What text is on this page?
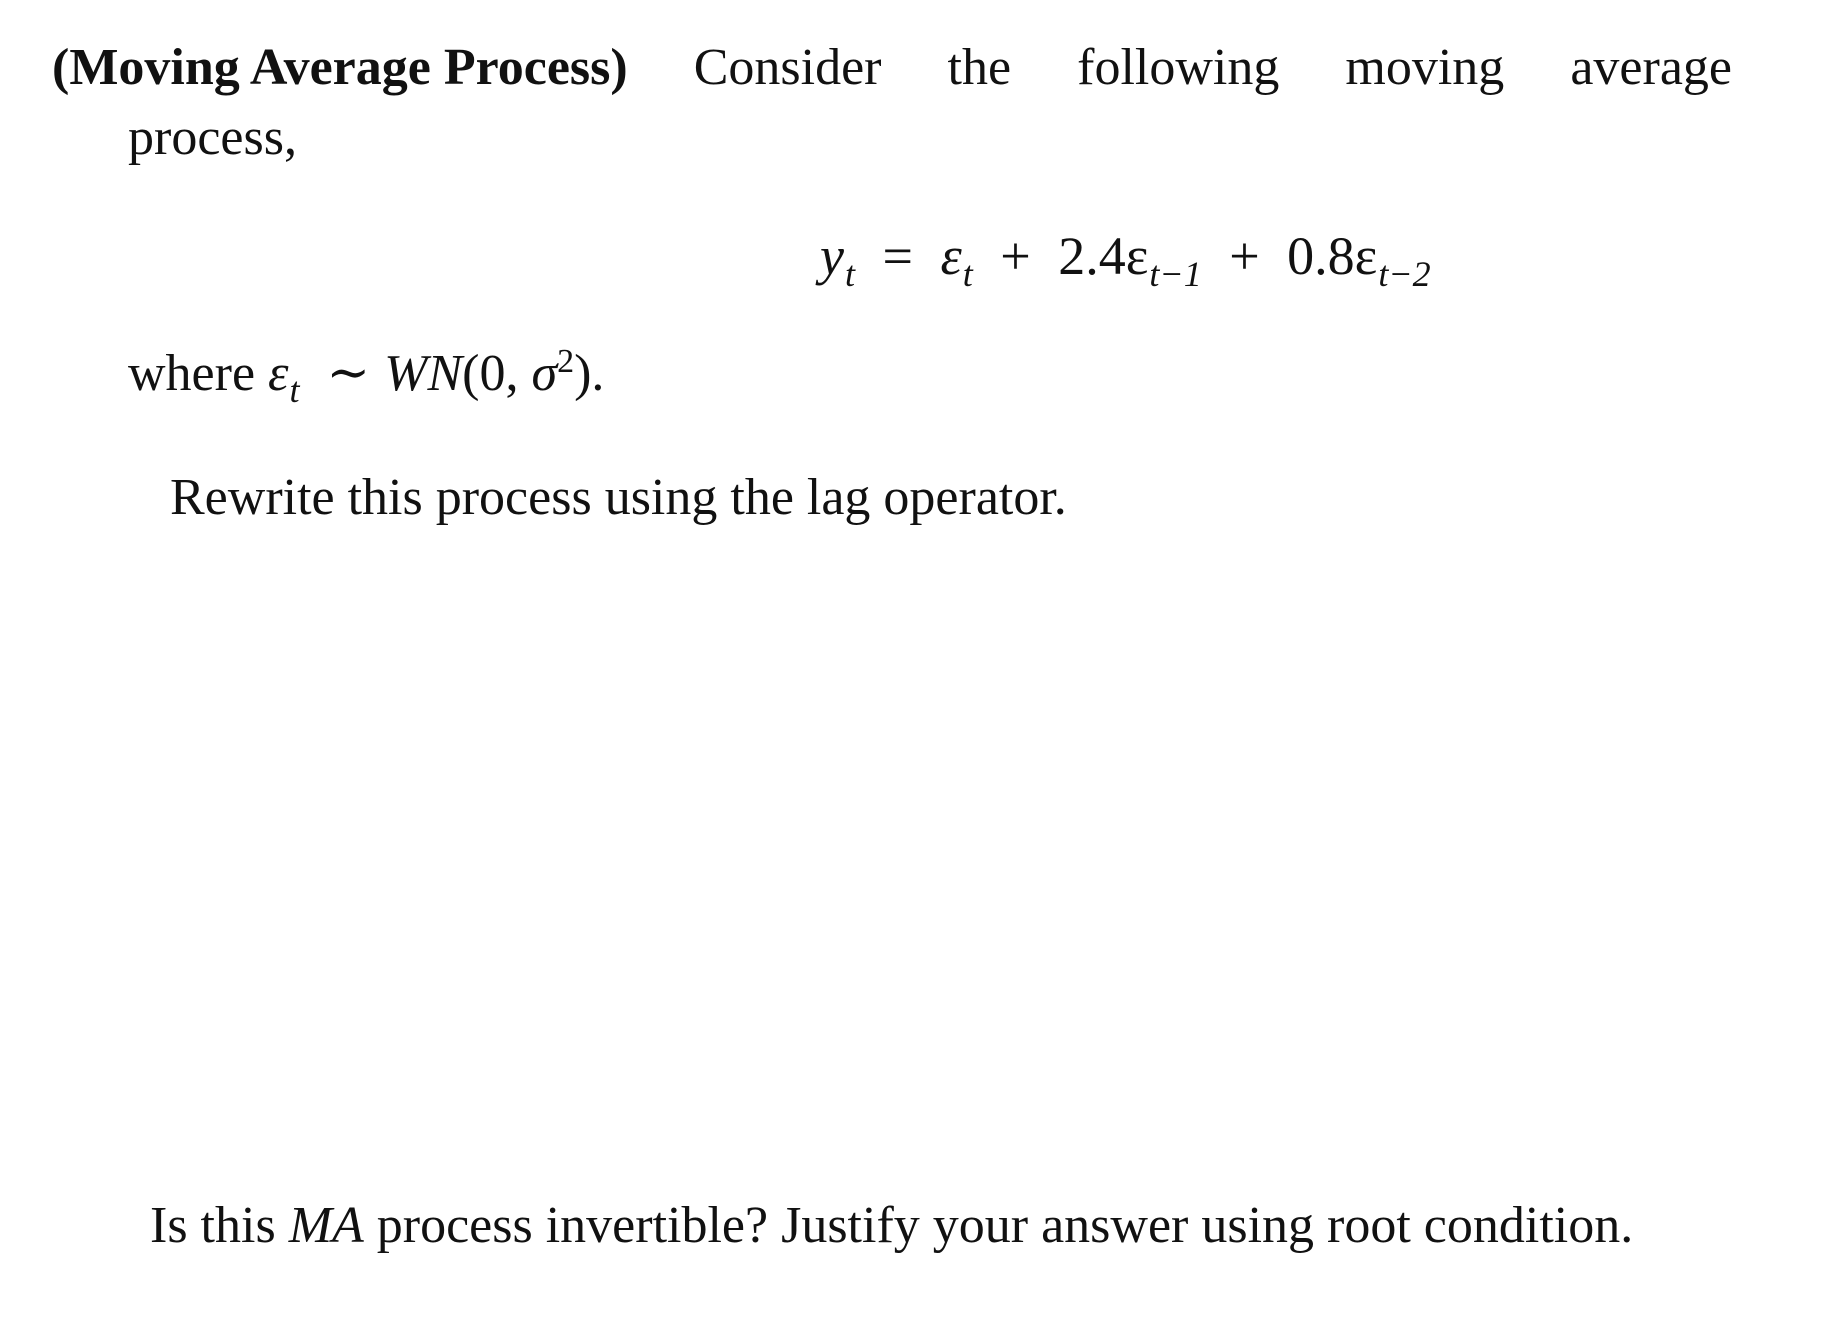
(Moving Average Process) Consider the following moving average
process,
$y_t = \varepsilon_t + 2.4\varepsilon_{t-1} + 0.8\varepsilon_{t-2}$
where $\varepsilon_t$ ∼ WN(0, $\sigma^2$).
Rewrite this process using the lag operator.
Is this MA process invertible? Justify your answer using root condition.
